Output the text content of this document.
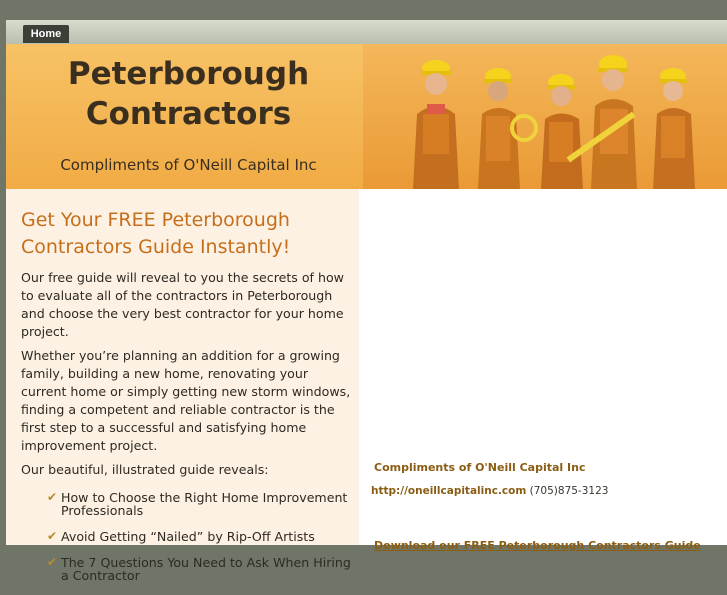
Home
Peterborough Contractors
Compliments of O'Neill Capital Inc
Get Your FREE Peterborough Contractors Guide Instantly!

Our free guide will reveal to you the secrets of how to evaluate all of the contractors in Peterborough and choose the very best contractor for your home project.

Whether you’re planning an addition for a growing family, building a new home, renovating your current home or simply getting new storm windows, finding a competent and reliable contractor is the first step to a successful and satisfying home improvement project.

Our beautiful, illustrated guide reveals:

✔ How to Choose the Right Home Improvement Professionals
✔ Avoid Getting “Nailed” by Rip-Off Artists
✔ The 7 Questions You Need to Ask When Hiring a Contractor
Compliments of O'Neill Capital Inc
http://oneillcapitalinc.com (705)875-3123
Download our FREE Peterborough Contractors Guide
